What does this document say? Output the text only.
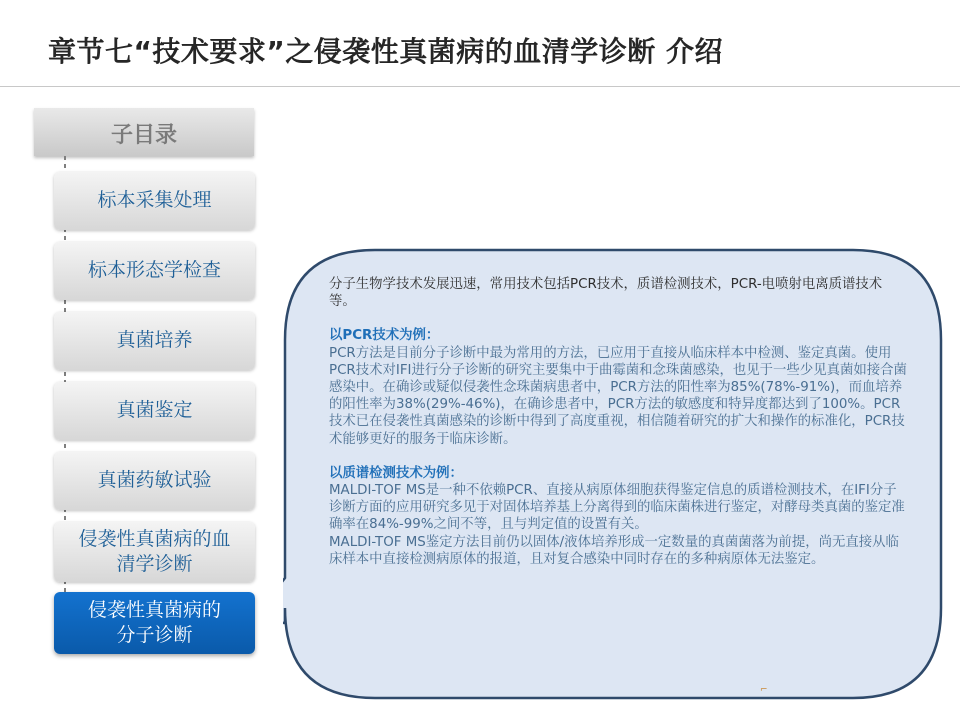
章节七“技术要求”之侵袭性真菌病的血清学诊断 介绍
子目录
标本采集处理
标本形态学检查
真菌培养
真菌鉴定
真菌药敏试验
侵袭性真菌病的血
清学诊断
侵袭性真菌病的
分子诊断

分子生物学技术发展迅速，常用技术包括PCR技术，质谱检测技术，PCR-电喷射电离质谱技术等。

以PCR技术为例：

PCR方法是目前分子诊断中最为常用的方法，已应用于直接从临床样本中检测、鉴定真菌。使用PCR技术对IFI进行分子诊断的研究主要集中于曲霉菌和念珠菌感染，也见于一些少见真菌如接合菌感染中。在确诊或疑似侵袭性念珠菌病患者中，PCR方法的阳性率为85%(78%-91%)，而血培养的阳性率为38%(29%-46%)，在确诊患者中，PCR方法的敏感度和特异度都达到了100%。PCR技术已在侵袭性真菌感染的诊断中得到了高度重视，相信随着研究的扩大和操作的标准化，PCR技术能够更好的服务于临床诊断。

以质谱检测技术为例：

MALDI-TOF MS是一种不依赖PCR、直接从病原体细胞获得鉴定信息的质谱检测技术，在IFI分子诊断方面的应用研究多见于对固体培养基上分离得到的临床菌株进行鉴定，对酵母类真菌的鉴定准确率在84%-99%之间不等，且与判定值的设置有关。

MALDI-TOF MS鉴定方法目前仍以固体/液体培养形成一定数量的真菌菌落为前提，尚无直接从临床样本中直接检测病原体的报道，且对复合感染中同时存在的多种病原体无法鉴定。

⌐
